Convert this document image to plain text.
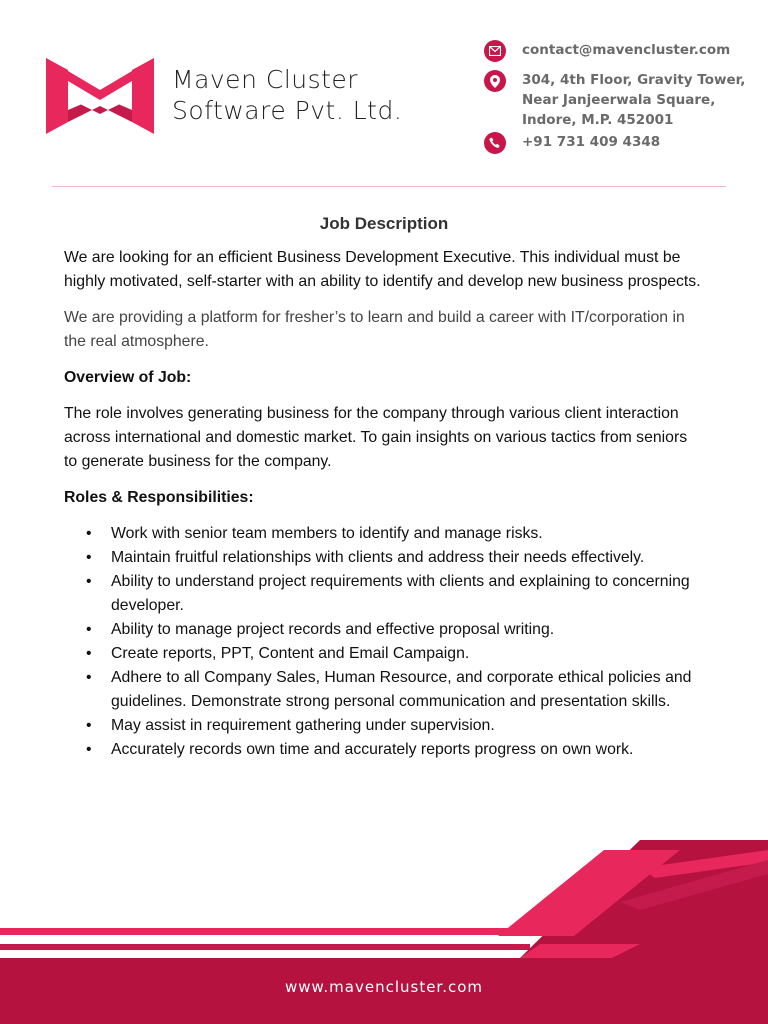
Maven Cluster
Software Pvt. Ltd.
contact@mavencluster.com
304, 4th Floor, Gravity Tower,
Near Janjeerwala Square,
Indore, M.P. 452001
+91 731 409 4348
Job Description

We are looking for an efficient Business Development Executive. This individual must be highly motivated, self-starter with an ability to identify and develop new business prospects.

We are providing a platform for fresher’s to learn and build a career with IT/corporation in the real atmosphere.

Overview of Job:

The role involves generating business for the company through various client interaction across international and domestic market. To gain insights on various tactics from seniors to generate business for the company.

Roles & Responsibilities:

• Work with senior team members to identify and manage risks.
• Maintain fruitful relationships with clients and address their needs effectively.
• Ability to understand project requirements with clients and explaining to concerning developer.
• Ability to manage project records and effective proposal writing.
• Create reports, PPT, Content and Email Campaign.
• Adhere to all Company Sales, Human Resource, and corporate ethical policies and guidelines. Demonstrate strong personal communication and presentation skills.
• May assist in requirement gathering under supervision.
• Accurately records own time and accurately reports progress on own work.
www.mavencluster.com
